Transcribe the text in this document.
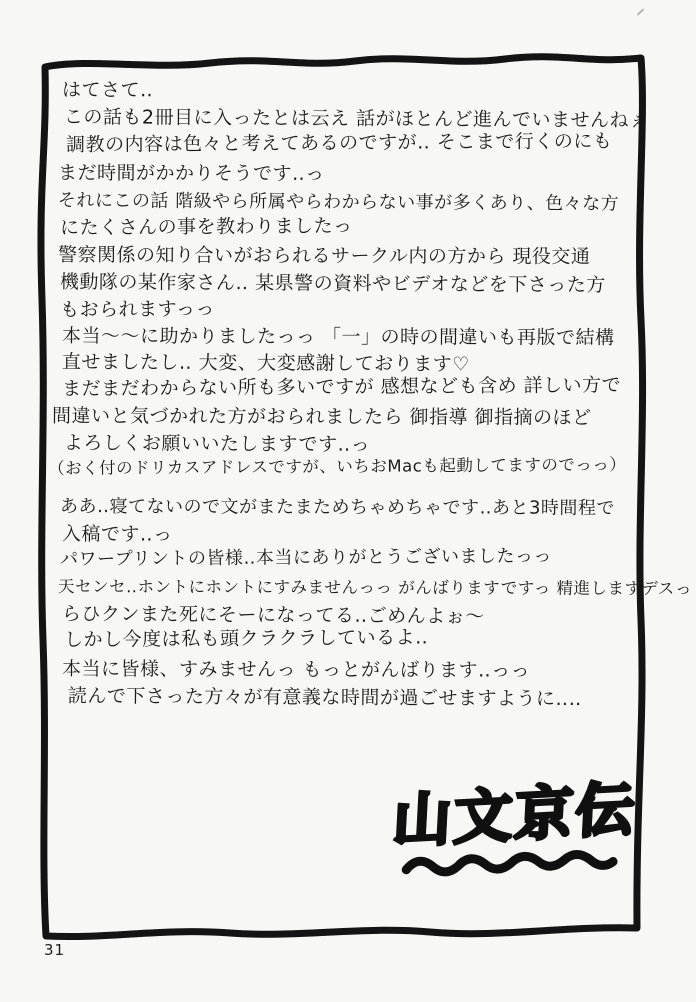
はてさて‥
この話も2冊目に入ったとは云え 話がほとんど進んでいませんねぇ
調教の内容は色々と考えてあるのですが‥ そこまで行くのにも
まだ時間がかかりそうです‥っ
それにこの話 階級やら所属やらわからない事が多くあり、色々な方
にたくさんの事を教わりましたっ
警察関係の知り合いがおられるサークル内の方から 現役交通
機動隊の某作家さん‥ 某県警の資料やビデオなどを下さった方
もおられますっっ
本当〜〜に助かりましたっっ 「一」の時の間違いも再版で結構
直せましたし‥ 大変、大変感謝しております♡
まだまだわからない所も多いですが 感想なども含め 詳しい方で
間違いと気づかれた方がおられましたら 御指導 御指摘のほど
よろしくお願いいたしますです‥っ
（おく付のドリカスアドレスですが、いちおMacも起動してますのでっっ）
ああ‥寝てないので文がまたまためちゃめちゃです‥あと3時間程で
入稿です‥っ
パワープリントの皆様‥本当にありがとうございましたっっ
天センセ‥ホントにホントにすみませんっっ がんばりますですっ 精進しますデスっ
らひクンまた死にそーになってる‥ごめんよぉ〜
しかし今度は私も頭クラクラしているよ‥
本当に皆様、すみませんっ もっとがんばります‥っっ
読んで下さった方々が有意義な時間が過ごせますように‥‥
山文京伝
31
